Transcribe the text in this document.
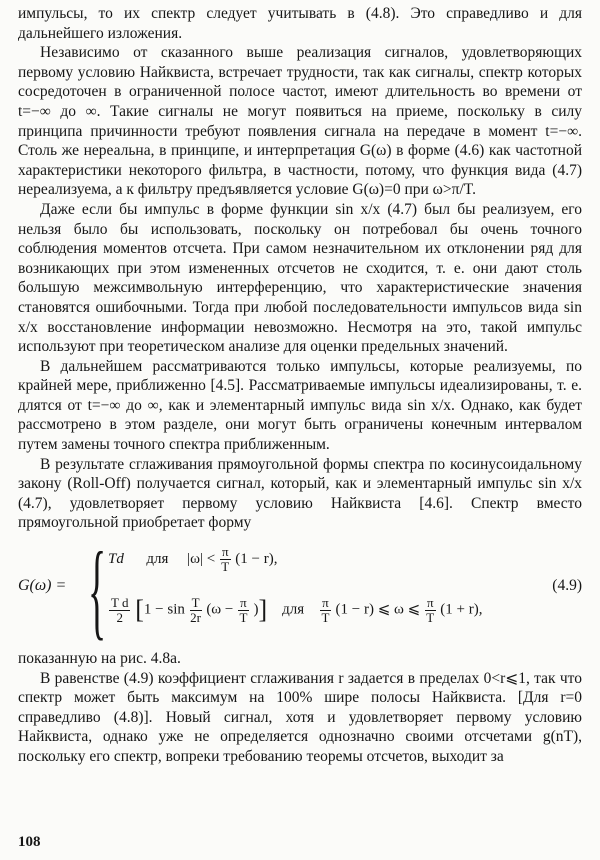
импульсы, то их спектр следует учитывать в (4.8). Это справедливо и для дальнейшего изложения.

Независимо от сказанного выше реализация сигналов, удовлетворяющих первому условию Найквиста, встречает трудности, так как сигналы, спектр которых сосредоточен в ограниченной полосе частот, имеют длительность во времени от t=−∞ до ∞. Такие сигналы не могут появиться на приеме, поскольку в силу принципа причинности требуют появления сигнала на передаче в момент t=−∞. Столь же нереальна, в принципе, и интерпретация G(ω) в форме (4.6) как частотной характеристики некоторого фильтра, в частности, потому, что функция вида (4.7) нереализуема, а к фильтру предъявляется условие G(ω)=0 при ω>π/T.

Даже если бы импульс в форме функции sin x/x (4.7) был бы реализуем, его нельзя было бы использовать, поскольку он потребовал бы очень точного соблюдения моментов отсчета. При самом незначительном их отклонении ряд для возникающих при этом измененных отсчетов не сходится, т. е. они дают столь большую межсимвольную интерференцию, что характеристические значения становятся ошибочными. Тогда при любой последовательности импульсов вида sin x/x восстановление информации невозможно. Несмотря на это, такой импульс используют при теоретическом анализе для оценки предельных значений.

В дальнейшем рассматриваются только импульсы, которые реализуемы, по крайней мере, приближенно [4.5]. Рассматриваемые импульсы идеализированы, т. е. длятся от t=−∞ до ∞, как и элементарный импульс вида sin x/x. Однако, как будет рассмотрено в этом разделе, они могут быть ограничены конечным интервалом путем замены точного спектра приближенным.

В результате сглаживания прямоугольной формы спектра по косинусоидальному закону (Roll-Off) получается сигнал, который, как и элементарный импульс sin x/x (4.7), удовлетворяет первому условию Найквиста [4.6]. Спектр вместо прямоугольной приобретает форму

G(ω) = { Td для $|\omega| < \frac{\pi}{T} (1 - r)$,
$\frac{\text{T d}}{2} [1 - \sin \frac{T}{2r} (\omega - \frac{\pi}{T}$ )] для $\frac{\pi}{T} (1 - r)$ ⩽ ω ⩽ $\frac{\pi}{T} (1 + r)$,
(4.9)

показанную на рис. 4.8а.

В равенстве (4.9) коэффициент сглаживания r задается в пределах 0<r⩽1, так что спектр может быть максимум на 100% шире полосы Найквиста. [Для r=0 справедливо (4.8)]. Новый сигнал, хотя и удовлетворяет первому условию Найквиста, однако уже не определяется однозначно своими отсчетами g(nT), поскольку его спектр, вопреки требованию теоремы отсчетов, выходит за

108
